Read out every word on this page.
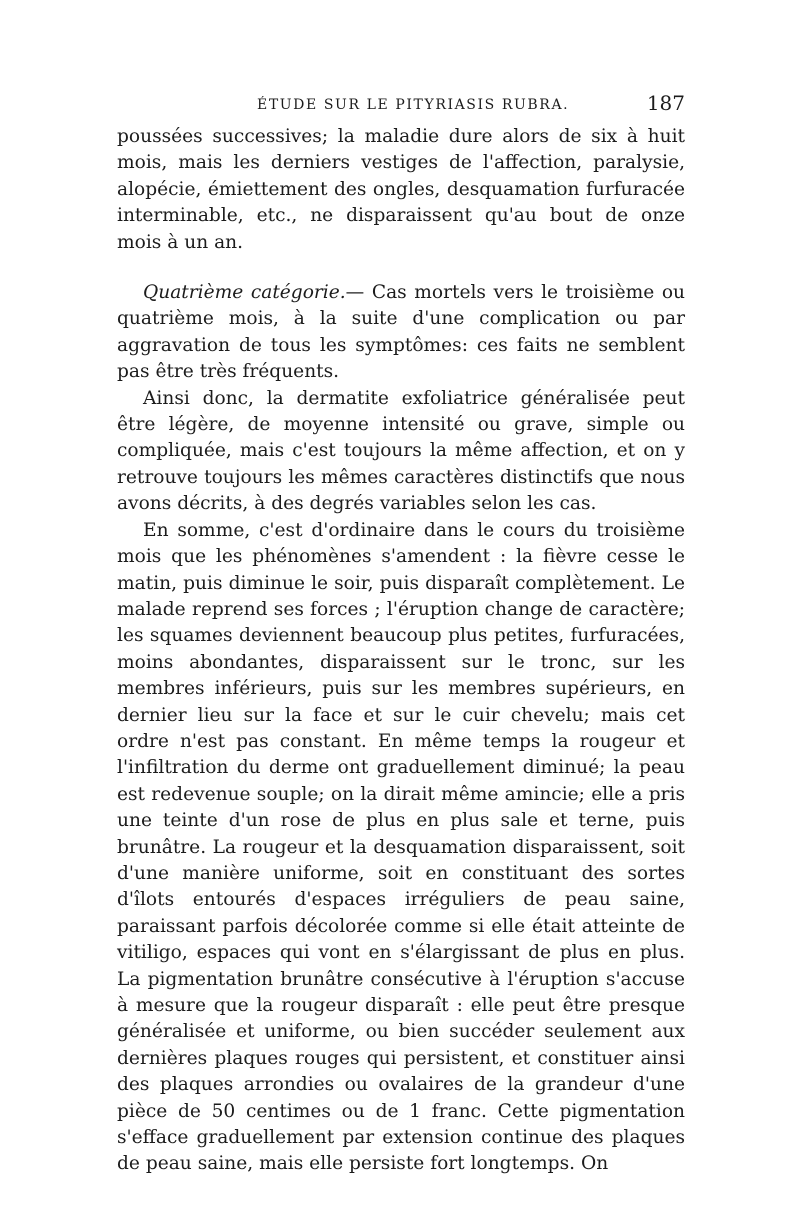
ÉTUDE SUR LE PITYRIASIS RUBRA.	187

poussées successives; la maladie dure alors de six à huit mois, mais les derniers vestiges de l'affection, paralysie, alopécie, émiettement des ongles, desquamation furfuracée interminable, etc., ne disparaissent qu'au bout de onze mois à un an.

Quatrième catégorie.— Cas mortels vers le troisième ou quatrième mois, à la suite d'une complication ou par aggravation de tous les symptômes: ces faits ne semblent pas être très fréquents.

Ainsi donc, la dermatite exfoliatrice généralisée peut être légère, de moyenne intensité ou grave, simple ou compliquée, mais c'est toujours la même affection, et on y retrouve toujours les mêmes caractères distinctifs que nous avons décrits, à des degrés variables selon les cas.

En somme, c'est d'ordinaire dans le cours du troisième mois que les phénomènes s'amendent : la fièvre cesse le matin, puis diminue le soir, puis disparaît complètement. Le malade reprend ses forces ; l'éruption change de caractère; les squames deviennent beaucoup plus petites, furfuracées, moins abondantes, disparaissent sur le tronc, sur les membres inférieurs, puis sur les membres supérieurs, en dernier lieu sur la face et sur le cuir chevelu; mais cet ordre n'est pas constant. En même temps la rougeur et l'infiltration du derme ont graduellement diminué; la peau est redevenue souple; on la dirait même amincie; elle a pris une teinte d'un rose de plus en plus sale et terne, puis brunâtre. La rougeur et la desquamation disparaissent, soit d'une manière uniforme, soit en constituant des sortes d'îlots entourés d'espaces irréguliers de peau saine, paraissant parfois décolorée comme si elle était atteinte de vitiligo, espaces qui vont en s'élargissant de plus en plus. La pigmentation brunâtre consécutive à l'éruption s'accuse à mesure que la rougeur disparaît : elle peut être presque généralisée et uniforme, ou bien succéder seulement aux dernières plaques rouges qui persistent, et constituer ainsi des plaques arrondies ou ovalaires de la grandeur d'une pièce de 50 centimes ou de 1 franc. Cette pigmentation s'efface graduellement par extension continue des plaques de peau saine, mais elle persiste fort longtemps. On
